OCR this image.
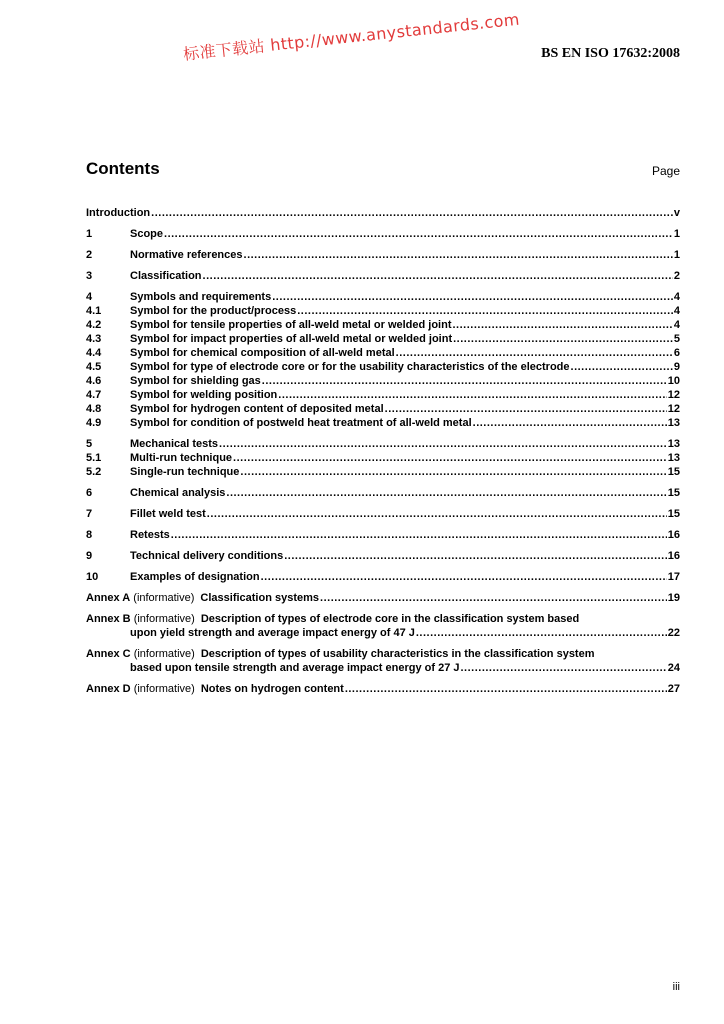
标准下载站 http://www.anystandards.com BS EN ISO 17632:2008
Contents	Page
Introduction .....	v
1	Scope .....	1
2	Normative references .....	1
3	Classification .....	2
4	Symbols and requirements .....	4
4.1	Symbol for the product/process .....	4
4.2	Symbol for tensile properties of all-weld metal or welded joint .....	4
4.3	Symbol for impact properties of all-weld metal or welded joint .....	5
4.4	Symbol for chemical composition of all-weld metal .....	6
4.5	Symbol for type of electrode core or for the usability characteristics of the electrode .....	9
4.6	Symbol for shielding gas .....	10
4.7	Symbol for welding position .....	12
4.8	Symbol for hydrogen content of deposited metal .....	12
4.9	Symbol for condition of postweld heat treatment of all-weld metal .....	13
5	Mechanical tests .....	13
5.1	Multi-run technique .....	13
5.2	Single-run technique .....	15
6	Chemical analysis .....	15
7	Fillet weld test .....	15
8	Retests .....	16
9	Technical delivery conditions .....	16
10	Examples of designation .....	17
Annex A (informative) Classification systems .....	19
Annex B (informative) Description of types of electrode core in the classification system based
upon yield strength and average impact energy of 47 J .....	22
Annex C (informative) Description of types of usability characteristics in the classification system
based upon tensile strength and average impact energy of 27 J .....	24
Annex D (informative) Notes on hydrogen content .....	27
iii
